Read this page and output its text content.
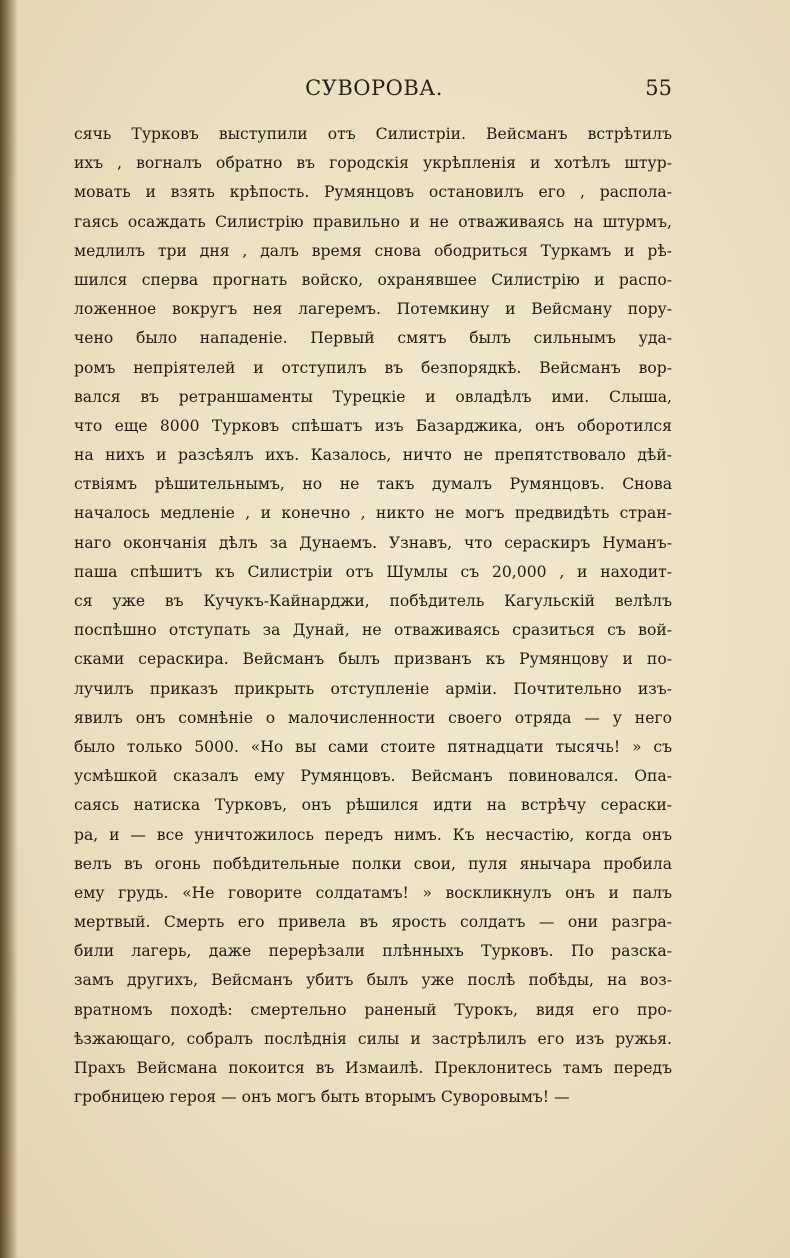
СУВОРОВА.	55
сячь Турковъ выступили отъ Силистріи. Вейсманъ встрѣтилъ
ихъ , вогналъ обратно въ городскія укрѣпленія и хотѣлъ штур-
мовать и взять крѣпость. Румянцовъ остановилъ его , распола-
гаясь осаждать Силистрію правильно и не отваживаясь на штурмъ,
медлилъ три дня , далъ время снова ободриться Туркамъ и рѣ-
шился сперва прогнать войско, охранявшее Силистрію и распо-
ложенное вокругъ нея лагеремъ. Потемкину и Вейсману пору-
чено было нападеніе. Первый смятъ былъ сильнымъ уда-
ромъ непріятелей и отступилъ въ безпорядкѣ. Вейсманъ вор-
вался въ ретраншаменты Турецкіе и овладѣлъ ими. Слыша,
что еще 8000 Турковъ спѣшатъ изъ Базарджика, онъ оборотился
на нихъ и разсѣялъ ихъ. Казалось, ничто не препятствовало дѣй-
ствіямъ рѣшительнымъ, но не такъ думалъ Румянцовъ. Снова
началось медленіе , и конечно , никто не могъ предвидѣть стран-
наго окончанія дѣлъ за Дунаемъ. Узнавъ, что сераскиръ Нуманъ-
паша спѣшитъ къ Силистріи отъ Шумлы съ 20,000 , и находит-
ся уже въ Кучукъ-Кайнарджи, побѣдитель Кагульскій велѣлъ
поспѣшно отступать за Дунай, не отваживаясь сразиться съ вой-
сками сераскира. Вейсманъ былъ призванъ къ Румянцову и по-
лучилъ приказъ прикрыть отступленіе арміи. Почтительно изъ-
явилъ онъ сомнѣніе о малочисленности своего отряда — у него
было только 5000. «Но вы сами стоите пятнадцати тысячь! » съ
усмѣшкой сказалъ ему Румянцовъ. Вейсманъ повиновался. Опа-
саясь натиска Турковъ, онъ рѣшился идти на встрѣчу сераски-
ра, и — все уничтожилось передъ нимъ. Къ несчастію, когда онъ
велъ въ огонь побѣдительные полки свои, пуля янычара пробила
ему грудь. «Не говорите солдатамъ! » воскликнулъ онъ и палъ
мертвый. Смерть его привела въ ярость солдатъ — они разгра-
били лагерь, даже перерѣзали плѣнныхъ Турковъ. По разска-
замъ другихъ, Вейсманъ убитъ былъ уже послѣ побѣды, на воз-
вратномъ походѣ: смертельно раненый Турокъ, видя его про-
ѣзжающаго, собралъ послѣднія силы и застрѣлилъ его изъ ружья.
Прахъ Вейсмана покоится въ Измаилѣ. Преклонитесь тамъ передъ
гробницею героя — онъ могъ быть вторымъ Суворовымъ! —
